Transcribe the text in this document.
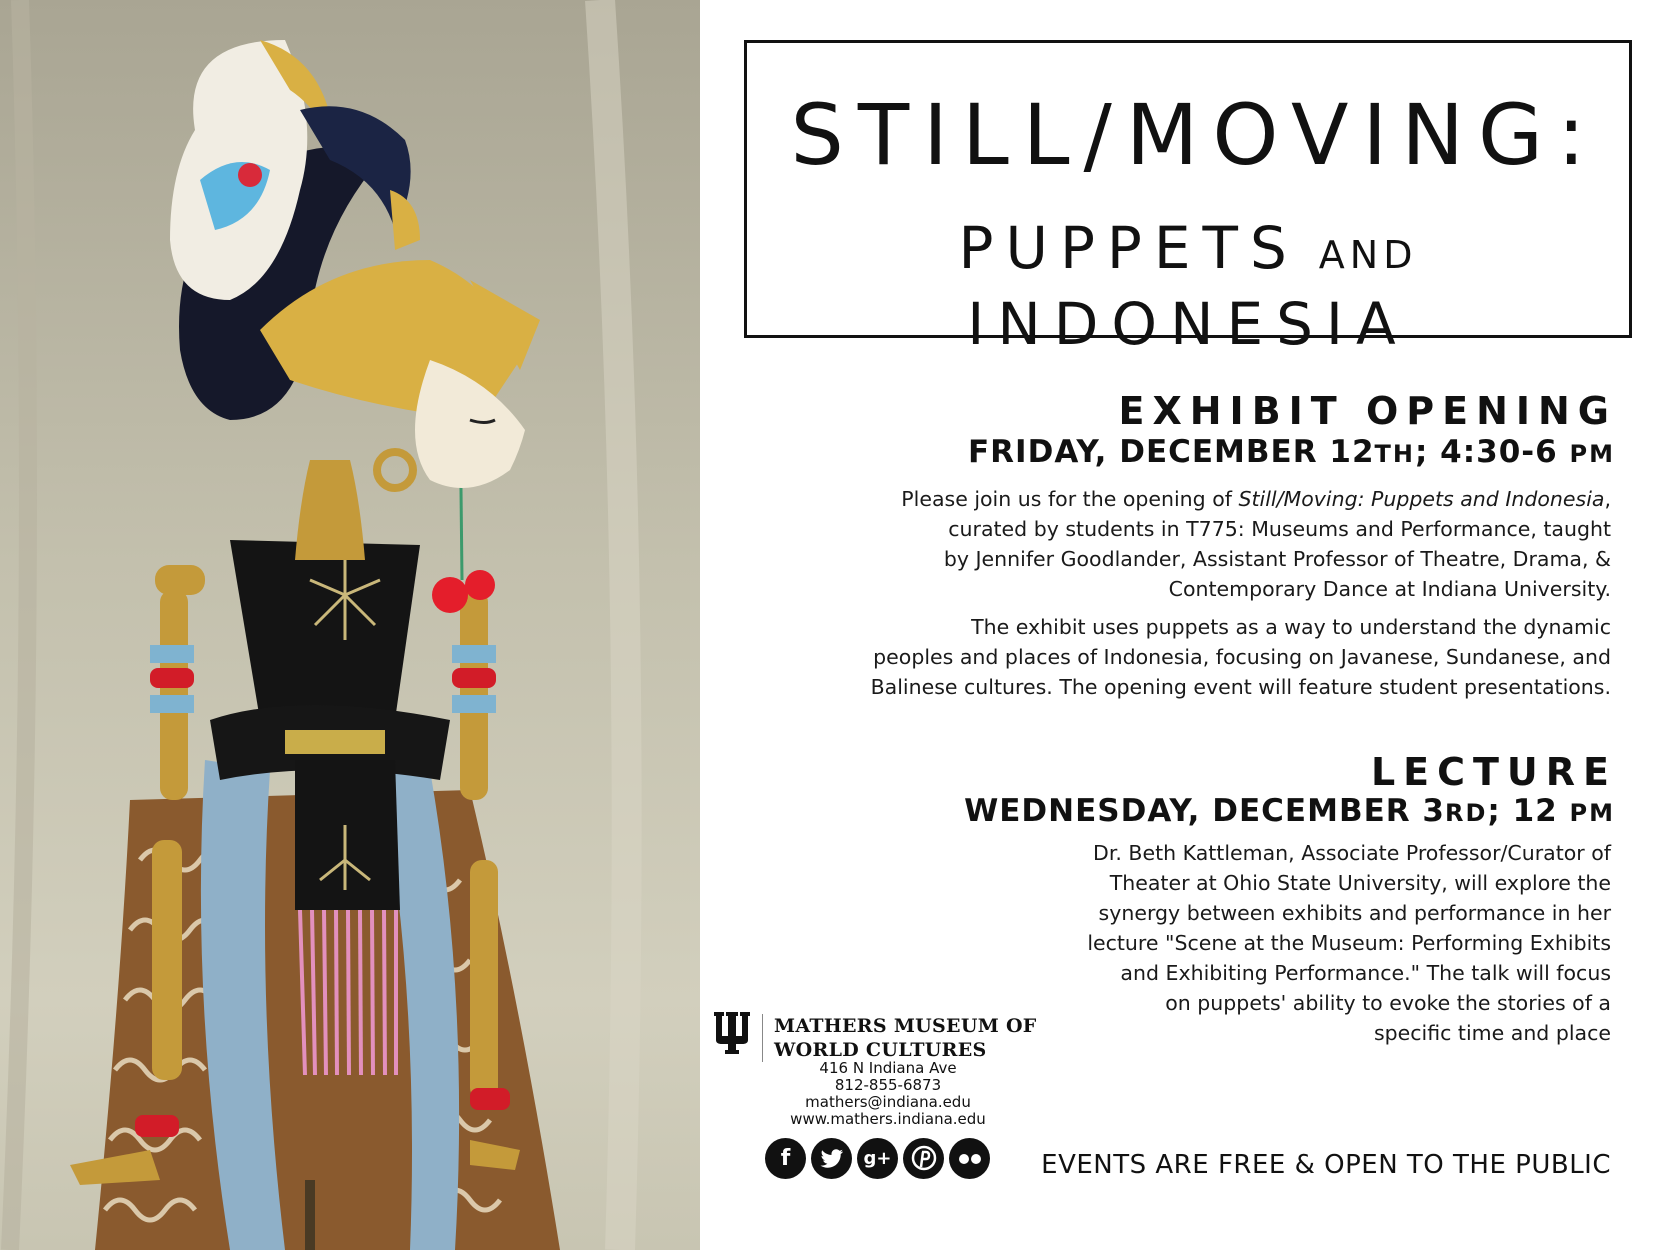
STILL/MOVING:
PUPPETS AND
INDONESIA
EXHIBIT OPENING
FRIDAY, DECEMBER 12TH; 4:30-6 PM
Please join us for the opening of Still/Moving: Puppets and Indonesia,
curated by students in T775: Museums and Performance, taught
by Jennifer Goodlander, Assistant Professor of Theatre, Drama, &
Contemporary Dance at Indiana University.
The exhibit uses puppets as a way to understand the dynamic
peoples and places of Indonesia, focusing on Javanese, Sundanese, and
Balinese cultures. The opening event will feature student presentations.
LECTURE
WEDNESDAY, DECEMBER 3RD; 12 PM
Dr. Beth Kattleman, Associate Professor/Curator of
Theater at Ohio State University, will explore the
synergy between exhibits and performance in her
lecture "Scene at the Museum: Performing Exhibits
and Exhibiting Performance." The talk will focus
on puppets' ability to evoke the stories of a
specific time and place
MATHERS MUSEUM OF
WORLD CULTURES
416 N Indiana Ave
812-855-6873
mathers@indiana.edu
www.mathers.indiana.edu
f	g+	EVENTS ARE FREE & OPEN TO THE PUBLIC
